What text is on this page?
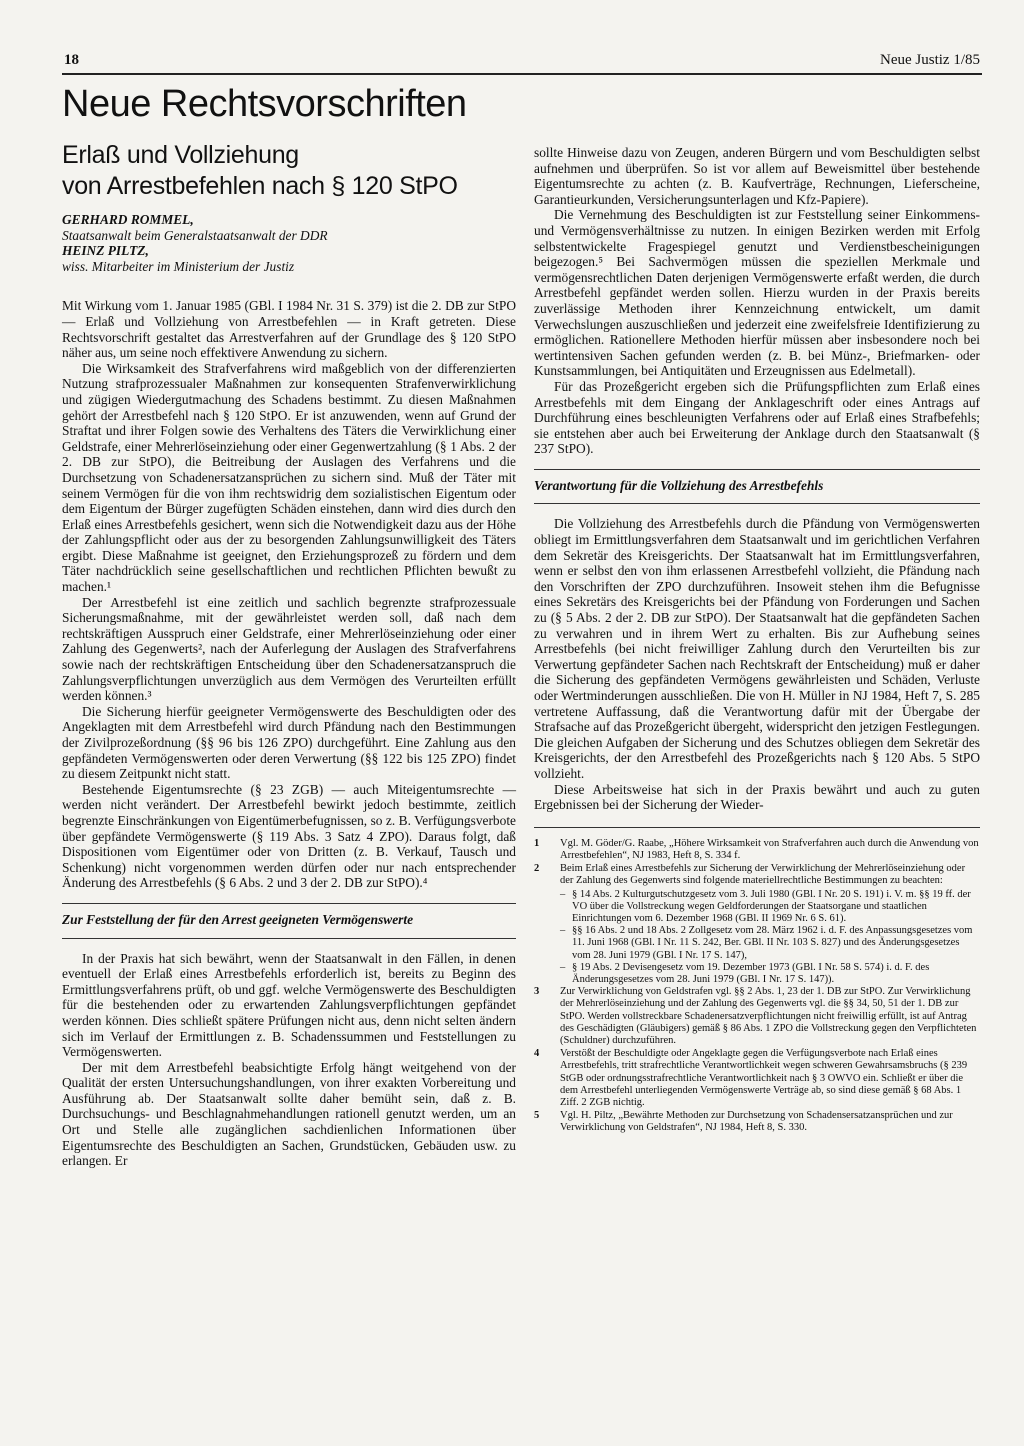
18	Neue Justiz 1/85
Neue Rechtsvorschriften
Erlaß und Vollziehung
von Arrestbefehlen nach § 120 StPO
GERHARD ROMMEL,
Staatsanwalt beim Generalstaatsanwalt der DDR
HEINZ PILTZ,
wiss. Mitarbeiter im Ministerium der Justiz

Mit Wirkung vom 1. Januar 1985 (GBl. I 1984 Nr. 31 S. 379) ist die 2. DB zur StPO — Erlaß und Vollziehung von Arrestbefehlen — in Kraft getreten. Diese Rechtsvorschrift gestaltet das Arrestverfahren auf der Grundlage des § 120 StPO näher aus, um seine noch effektivere Anwendung zu sichern.

Die Wirksamkeit des Strafverfahrens wird maßgeblich von der differenzierten Nutzung strafprozessualer Maßnahmen zur konsequenten Strafenverwirklichung und zügigen Wiedergutmachung des Schadens bestimmt. Zu diesen Maßnahmen gehört der Arrestbefehl nach § 120 StPO. Er ist anzuwenden, wenn auf Grund der Straftat und ihrer Folgen sowie des Verhaltens des Täters die Verwirklichung einer Geldstrafe, einer Mehrerlöseinziehung oder einer Gegenwertzahlung (§ 1 Abs. 2 der 2. DB zur StPO), die Beitreibung der Auslagen des Verfahrens und die Durchsetzung von Schadenersatzansprüchen zu sichern sind. Muß der Täter mit seinem Vermögen für die von ihm rechtswidrig dem sozialistischen Eigentum oder dem Eigentum der Bürger zugefügten Schäden einstehen, dann wird dies durch den Erlaß eines Arrestbefehls gesichert, wenn sich die Notwendigkeit dazu aus der Höhe der Zahlungspflicht oder aus der zu besorgenden Zahlungsunwilligkeit des Täters ergibt. Diese Maßnahme ist geeignet, den Erziehungsprozeß zu fördern und dem Täter nachdrücklich seine gesellschaftlichen und rechtlichen Pflichten bewußt zu machen.¹

Der Arrestbefehl ist eine zeitlich und sachlich begrenzte strafprozessuale Sicherungsmaßnahme, mit der gewährleistet werden soll, daß nach dem rechtskräftigen Ausspruch einer Geldstrafe, einer Mehrerlöseinziehung oder einer Zahlung des Gegenwerts², nach der Auferlegung der Auslagen des Strafverfahrens sowie nach der rechtskräftigen Entscheidung über den Schadenersatzanspruch die Zahlungsverpflichtungen unverzüglich aus dem Vermögen des Verurteilten erfüllt werden können.³

Die Sicherung hierfür geeigneter Vermögenswerte des Beschuldigten oder des Angeklagten mit dem Arrestbefehl wird durch Pfändung nach den Bestimmungen der Zivilprozeßordnung (§§ 96 bis 126 ZPO) durchgeführt. Eine Zahlung aus den gepfändeten Vermögenswerten oder deren Verwertung (§§ 122 bis 125 ZPO) findet zu diesem Zeitpunkt nicht statt.

Bestehende Eigentumsrechte (§ 23 ZGB) — auch Miteigentumsrechte — werden nicht verändert. Der Arrestbefehl bewirkt jedoch bestimmte, zeitlich begrenzte Einschränkungen von Eigentümerbefugnissen, so z. B. Verfügungsverbote über gepfändete Vermögenswerte (§ 119 Abs. 3 Satz 4 ZPO). Daraus folgt, daß Dispositionen vom Eigentümer oder von Dritten (z. B. Verkauf, Tausch und Schenkung) nicht vorgenommen werden dürfen oder nur nach entsprechender Änderung des Arrestbefehls (§ 6 Abs. 2 und 3 der 2. DB zur StPO).⁴

Zur Feststellung der für den Arrest geeigneten Vermögenswerte

In der Praxis hat sich bewährt, wenn der Staatsanwalt in den Fällen, in denen eventuell der Erlaß eines Arrestbefehls erforderlich ist, bereits zu Beginn des Ermittlungsverfahrens prüft, ob und ggf. welche Vermögenswerte des Beschuldigten für die bestehenden oder zu erwartenden Zahlungsverpflichtungen gepfändet werden können. Dies schließt spätere Prüfungen nicht aus, denn nicht selten ändern sich im Verlauf der Ermittlungen z. B. Schadenssummen und Feststellungen zu Vermögenswerten.

Der mit dem Arrestbefehl beabsichtigte Erfolg hängt weitgehend von der Qualität der ersten Untersuchungshandlungen, von ihrer exakten Vorbereitung und Ausführung ab. Der Staatsanwalt sollte daher bemüht sein, daß z. B. Durchsuchungs- und Beschlagnahmehandlungen rationell genutzt werden, um an Ort und Stelle alle zugänglichen sachdienlichen Informationen über Eigentumsrechte des Beschuldigten an Sachen, Grundstücken, Gebäuden usw. zu erlangen. Er

sollte Hinweise dazu von Zeugen, anderen Bürgern und vom Beschuldigten selbst aufnehmen und überprüfen. So ist vor allem auf Beweismittel über bestehende Eigentumsrechte zu achten (z. B. Kaufverträge, Rechnungen, Lieferscheine, Garantieurkunden, Versicherungsunterlagen und Kfz-Papiere).

Die Vernehmung des Beschuldigten ist zur Feststellung seiner Einkommens- und Vermögensverhältnisse zu nutzen. In einigen Bezirken werden mit Erfolg selbstentwickelte Fragespiegel genutzt und Verdienstbescheinigungen beigezogen.⁵ Bei Sachvermögen müssen die speziellen Merkmale und vermögensrechtlichen Daten derjenigen Vermögenswerte erfaßt werden, die durch Arrestbefehl gepfändet werden sollen. Hierzu wurden in der Praxis bereits zuverlässige Methoden ihrer Kennzeichnung entwickelt, um damit Verwechslungen auszuschließen und jederzeit eine zweifelsfreie Identifizierung zu ermöglichen. Rationellere Methoden hierfür müssen aber insbesondere noch bei wertintensiven Sachen gefunden werden (z. B. bei Münz-, Briefmarken- oder Kunstsammlungen, bei Antiquitäten und Erzeugnissen aus Edelmetall).

Für das Prozeßgericht ergeben sich die Prüfungspflichten zum Erlaß eines Arrestbefehls mit dem Eingang der Anklageschrift oder eines Antrags auf Durchführung eines beschleunigten Verfahrens oder auf Erlaß eines Strafbefehls; sie entstehen aber auch bei Erweiterung der Anklage durch den Staatsanwalt (§ 237 StPO).

Verantwortung für die Vollziehung des Arrestbefehls

Die Vollziehung des Arrestbefehls durch die Pfändung von Vermögenswerten obliegt im Ermittlungsverfahren dem Staatsanwalt und im gerichtlichen Verfahren dem Sekretär des Kreisgerichts. Der Staatsanwalt hat im Ermittlungsverfahren, wenn er selbst den von ihm erlassenen Arrestbefehl vollzieht, die Pfändung nach den Vorschriften der ZPO durchzuführen. Insoweit stehen ihm die Befugnisse eines Sekretärs des Kreisgerichts bei der Pfändung von Forderungen und Sachen zu (§ 5 Abs. 2 der 2. DB zur StPO). Der Staatsanwalt hat die gepfändeten Sachen zu verwahren und in ihrem Wert zu erhalten. Bis zur Aufhebung seines Arrestbefehls (bei nicht freiwilliger Zahlung durch den Verurteilten bis zur Verwertung gepfändeter Sachen nach Rechtskraft der Entscheidung) muß er daher die Sicherung des gepfändeten Vermögens gewährleisten und Schäden, Verluste oder Wertminderungen ausschließen. Die von H. Müller in NJ 1984, Heft 7, S. 285 vertretene Auffassung, daß die Verantwortung dafür mit der Übergabe der Strafsache auf das Prozeßgericht übergeht, widerspricht den jetzigen Festlegungen. Die gleichen Aufgaben der Sicherung und des Schutzes obliegen dem Sekretär des Kreisgerichts, der den Arrestbefehl des Prozeßgerichts nach § 120 Abs. 5 StPO vollzieht.

Diese Arbeitsweise hat sich in der Praxis bewährt und auch zu guten Ergebnissen bei der Sicherung der Wieder-

1	Vgl. M. Göder/G. Raabe, „Höhere Wirksamkeit von Strafverfahren auch durch die Anwendung von Arrestbefehlen“, NJ 1983, Heft 8, S. 334 f.
2	Beim Erlaß eines Arrestbefehls zur Sicherung der Verwirklichung der Mehrerlöseinziehung oder der Zahlung des Gegenwerts sind folgende materiellrechtliche Bestimmungen zu beachten:
– § 14 Abs. 2 Kulturgutschutzgesetz vom 3. Juli 1980 (GBl. I Nr. 20 S. 191) i. V. m. §§ 19 ff. der VO über die Vollstreckung wegen Geldforderungen der Staatsorgane und staatlichen Einrichtungen vom 6. Dezember 1968 (GBl. II 1969 Nr. 6 S. 61).
– §§ 16 Abs. 2 und 18 Abs. 2 Zollgesetz vom 28. März 1962 i. d. F. des Anpassungsgesetzes vom 11. Juni 1968 (GBl. I Nr. 11 S. 242, Ber. GBl. II Nr. 103 S. 827) und des Änderungsgesetzes vom 28. Juni 1979 (GBl. I Nr. 17 S. 147),
– § 19 Abs. 2 Devisengesetz vom 19. Dezember 1973 (GBl. I Nr. 58 S. 574) i. d. F. des Änderungsgesetzes vom 28. Juni 1979 (GBl. I Nr. 17 S. 147)).
3	Zur Verwirklichung von Geldstrafen vgl. §§ 2 Abs. 1, 23 der 1. DB zur StPO. Zur Verwirklichung der Mehrerlöseinziehung und der Zahlung des Gegenwerts vgl. die §§ 34, 50, 51 der 1. DB zur StPO. Werden vollstreckbare Schadenersatzverpflichtungen nicht freiwillig erfüllt, ist auf Antrag des Geschädigten (Gläubigers) gemäß § 86 Abs. 1 ZPO die Vollstreckung gegen den Verpflichteten (Schuldner) durchzuführen.
4	Verstößt der Beschuldigte oder Angeklagte gegen die Verfügungsverbote nach Erlaß eines Arrestbefehls, tritt strafrechtliche Verantwortlichkeit wegen schweren Gewahrsamsbruchs (§ 239 StGB oder ordnungsstrafrechtliche Verantwortlichkeit nach § 3 OWVO ein. Schließt er über die dem Arrestbefehl unterliegenden Vermögenswerte Verträge ab, so sind diese gemäß § 68 Abs. 1 Ziff. 2 ZGB nichtig.
5	Vgl. H. Piltz, „Bewährte Methoden zur Durchsetzung von Schadensersatzansprüchen und zur Verwirklichung von Geldstrafen“, NJ 1984, Heft 8, S. 330.
